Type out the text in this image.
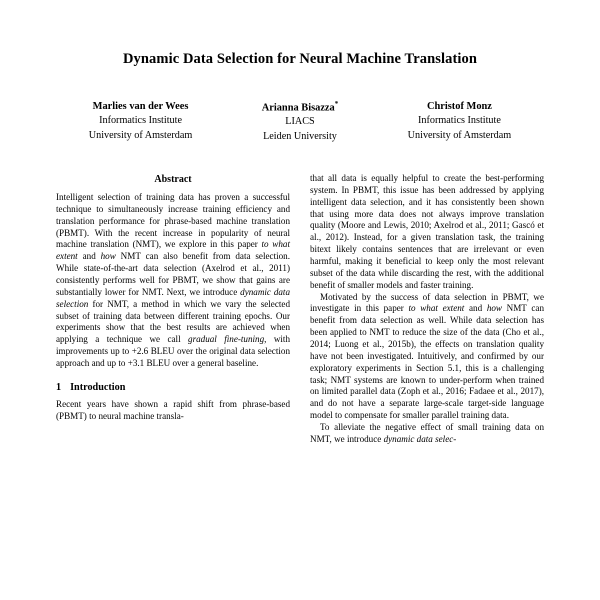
Dynamic Data Selection for Neural Machine Translation
Marlies van der Wees
Informatics Institute
University of Amsterdam
Arianna Bisazza*
LIACS
Leiden University
Christof Monz
Informatics Institute
University of Amsterdam
Abstract

Intelligent selection of training data has proven a successful technique to simultaneously increase training efficiency and translation performance for phrase-based machine translation (PBMT). With the recent increase in popularity of neural machine translation (NMT), we explore in this paper to what extent and how NMT can also benefit from data selection. While state-of-the-art data selection (Axelrod et al., 2011) consistently performs well for PBMT, we show that gains are substantially lower for NMT. Next, we introduce dynamic data selection for NMT, a method in which we vary the selected subset of training data between different training epochs. Our experiments show that the best results are achieved when applying a technique we call gradual fine-tuning, with improvements up to +2.6 BLEU over the original data selection approach and up to +3.1 BLEU over a general baseline.

1 Introduction

Recent years have shown a rapid shift from phrase-based (PBMT) to neural machine transla-

that all data is equally helpful to create the best-performing system. In PBMT, this issue has been addressed by applying intelligent data selection, and it has consistently been shown that using more data does not always improve translation quality (Moore and Lewis, 2010; Axelrod et al., 2011; Gascó et al., 2012). Instead, for a given translation task, the training bitext likely contains sentences that are irrelevant or even harmful, making it beneficial to keep only the most relevant subset of the data while discarding the rest, with the additional benefit of smaller models and faster training.

Motivated by the success of data selection in PBMT, we investigate in this paper to what extent and how NMT can benefit from data selection as well. While data selection has been applied to NMT to reduce the size of the data (Cho et al., 2014; Luong et al., 2015b), the effects on translation quality have not been investigated. Intuitively, and confirmed by our exploratory experiments in Section 5.1, this is a challenging task; NMT systems are known to under-perform when trained on limited parallel data (Zoph et al., 2016; Fadaee et al., 2017), and do not have a separate large-scale target-side language model to compensate for smaller parallel training data.

To alleviate the negative effect of small training data on NMT, we introduce dynamic data selec-
